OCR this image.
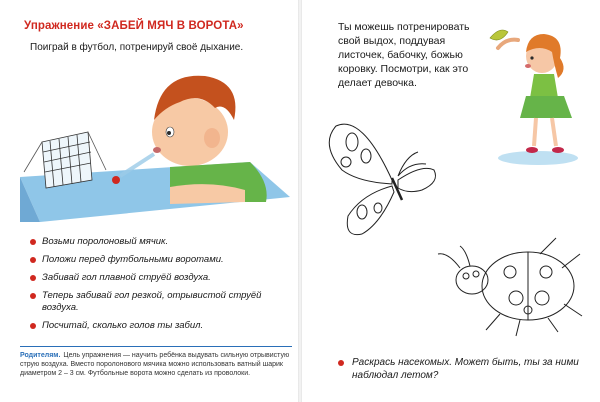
Упражнение «ЗАБЕЙ МЯЧ В ВОРОТА»
Поиграй в футбол, потренируй своё дыхание.
Возьми поролоновый мячик.
Положи перед футбольными воротами.
Забивай гол плавной струёй воздуха.
Теперь забивай гол резкой, отрывистой струёй воздуха.
Посчитай, сколько голов ты забил.
Родителям. Цель упражнения — научить ребёнка выдувать сильную отрывистую струю воздуха. Вместо поролонового мячика можно использовать ватный шарик диаметром 2 – 3 см. Футбольные ворота можно сделать из проволоки.
Ты можешь потренировать свой выдох, поддувая листочек, бабочку, божью коровку. Посмотри, как это делает девочка.
Раскрась насекомых. Может быть, ты за ними наблюдал летом?
